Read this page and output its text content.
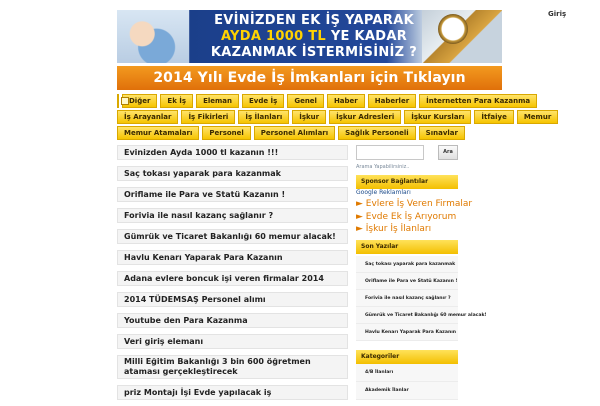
EVİNİZDEN EK İŞ YAPARAK
AYDA 1000 TL YE KADAR
KAZANMAK İSTERMİSİNİZ ?
Giriş
2014 Yılı Evde İş İmkanları için Tıklayın
Diğer	Ek İş	Eleman	Evde İş	Genel	Haber	Haberler	İnternetten Para Kazanma
İş Arayanlar	İş Fikirleri	İş İlanları	İşkur	İşkur Adresleri	İşkur Kursları	İtfaiye	Memur
Memur Atamaları	Personel	Personel Alımları	Sağlık Personeli	Sınavlar
Evinizden Ayda 1000 tl kazanın !!!
Saç tokası yaparak para kazanmak
Oriflame ile Para ve Statü Kazanın !
Forivia ile nasıl kazanç sağlanır ?
Gümrük ve Ticaret Bakanlığı 60 memur alacak!
Havlu Kenarı Yaparak Para Kazanın
Adana evlere boncuk işi veren firmalar 2014
2014 TÜDEMSAŞ Personel alımı
Youtube den Para Kazanma
Veri giriş elemanı
Milli Eğitim Bakanlığı 3 bin 600 öğretmen ataması gerçekleştirecek
priz Montajı İşi Evde yapılacak iş
Ara
Arama Yapabilirsiniz..
Sponsor Bağlantılar
Google Reklamları
► Evlere İş Veren Firmalar
► Evde Ek İş Arıyorum
► İşkur İş İlanları
Son Yazılar
Saç tokası yaparak para kazanmak
Oriflame ile Para ve Statü Kazanın !
Forivia ile nasıl kazanç sağlanır ?
Gümrük ve Ticaret Bakanlığı 60 memur alacak!
Havlu Kenarı Yaparak Para Kazanın
Kategoriler
4/B İlanları
Akademik İlanlar
